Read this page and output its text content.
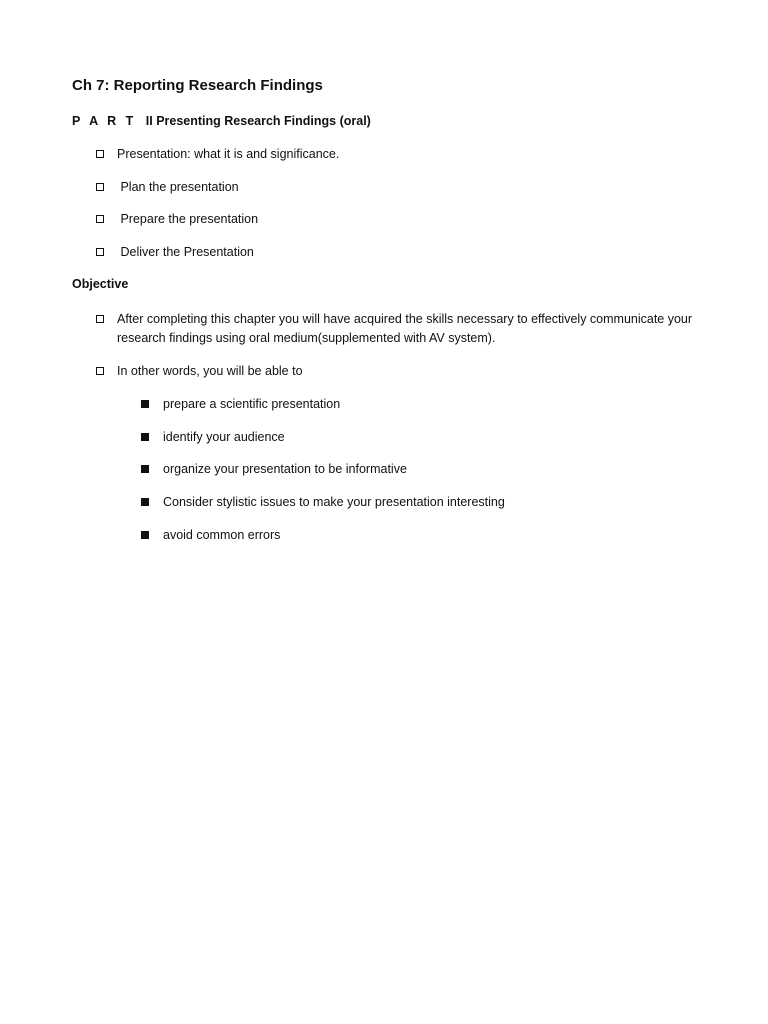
Ch 7: Reporting Research Findings
P A R T II Presenting Research Findings (oral)
Presentation: what it is and significance.
Plan the presentation
Prepare the presentation
Deliver the Presentation
Objective
After completing this chapter you will have acquired the skills necessary to effectively communicate your research findings using oral medium(supplemented with AV system).
In other words, you will be able to
prepare a scientific presentation
identify your audience
organize your presentation to be informative
Consider stylistic issues to make your presentation interesting
avoid common errors
